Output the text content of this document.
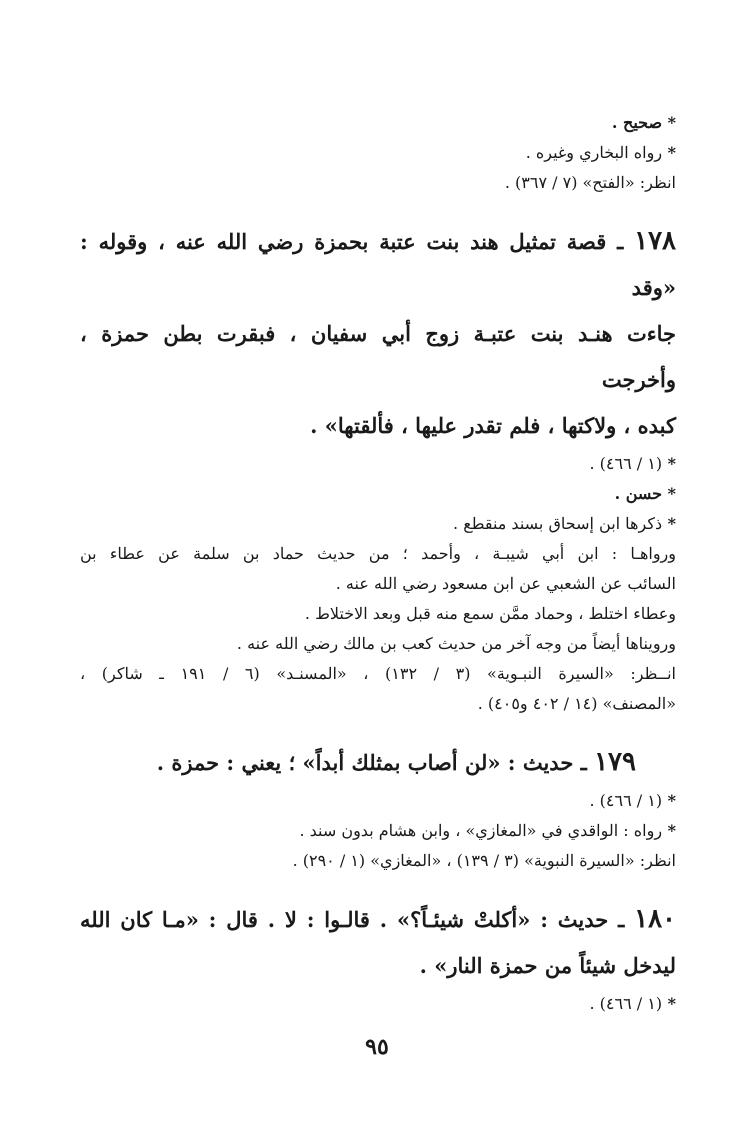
* صحيح .
* رواه البخاري وغيره .
انظر: «الفتح» (٧ / ٣٦٧) .
١٧٨ ـ قصة تمثيل هند بنت عتبة بحمزة رضي الله عنه ، وقوله : «وقد
جاءت هنـد بنت عتبـة زوج أبي سفيان ، فبقرت بطن حمزة ، وأخرجت
كبده ، ولاكتها ، فلم تقدر عليها ، فألقتها» .
* (١ / ٤٦٦) .
* حسن .
* ذكرها ابن إسحاق بسند منقطع .
ورواهـا : ابن أبي شيبـة ، وأحمد ؛ من حديث حماد بن سلمة عن عطاء بن
السائب عن الشعبي عن ابن مسعود رضي الله عنه .
وعطاء اختلط ، وحماد ممَّن سمع منه قبل وبعد الاختلاط .
ورويناها أيضاً من وجه آخر من حديث كعب بن مالك رضي الله عنه .
انــظر: «السيرة النبـوية» (٣ / ١٣٢) ، «المسنـد» (٦ / ١٩١ ـ شاكر) ،
«المصنف» (١٤ / ٤٠٢ و٤٠٥) .
١٧٩ ـ حديث : «لن أصاب بمثلك أبداً» ؛ يعني : حمزة .
* (١ / ٤٦٦) .
* رواه : الواقدي في «المغازي» ، وابن هشام بدون سند .
انظر: «السيرة النبوية» (٣ / ١٣٩) ، «المغازي» (١ / ٢٩٠) .
١٨٠ ـ حديث : «أكلتْ شيئـاً؟» . قالـوا : لا . قال : «مـا كان الله
ليدخل شيئاً من حمزة النار» .
* (١ / ٤٦٦) .
٩٥
